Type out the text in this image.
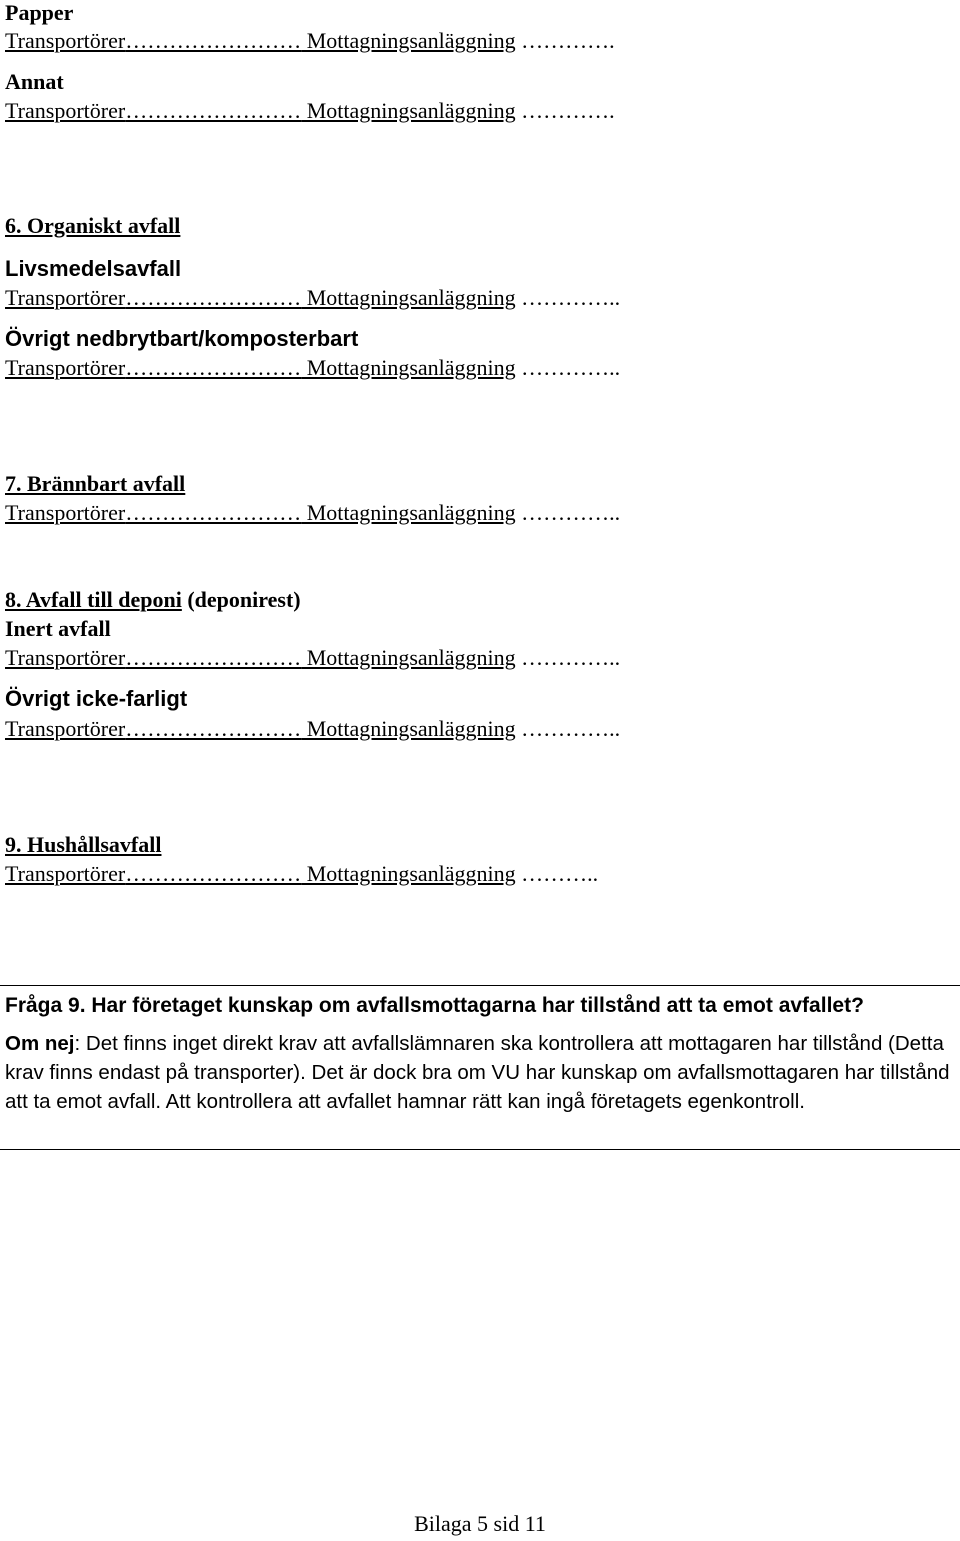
Papper
Transportörer…………………… Mottagningsanläggning ………….
Annat
Transportörer…………………… Mottagningsanläggning ………….
6. Organiskt avfall
Livsmedelsavfall
Transportörer…………………… Mottagningsanläggning …………..
Övrigt nedbrytbart/komposterbart
Transportörer…………………… Mottagningsanläggning …………..
7. Brännbart avfall
Transportörer…………………… Mottagningsanläggning …………..
8. Avfall till deponi (deponirest)
Inert avfall
Transportörer…………………… Mottagningsanläggning …………..
Övrigt icke-farligt
Transportörer…………………… Mottagningsanläggning …………..
9. Hushållsavfall
Transportörer…………………… Mottagningsanläggning ………..
Fråga 9. Har företaget kunskap om avfallsmottagarna har tillstånd att ta emot avfallet?
Om nej: Det finns inget direkt krav att avfallslämnaren ska kontrollera att mottagaren har tillstånd (Detta krav finns endast på transporter). Det är dock bra om VU har kunskap om avfallsmottagaren har tillstånd att ta emot avfall. Att kontrollera att avfallet hamnar rätt kan ingå företagets egenkontroll.
Bilaga 5 sid 11
